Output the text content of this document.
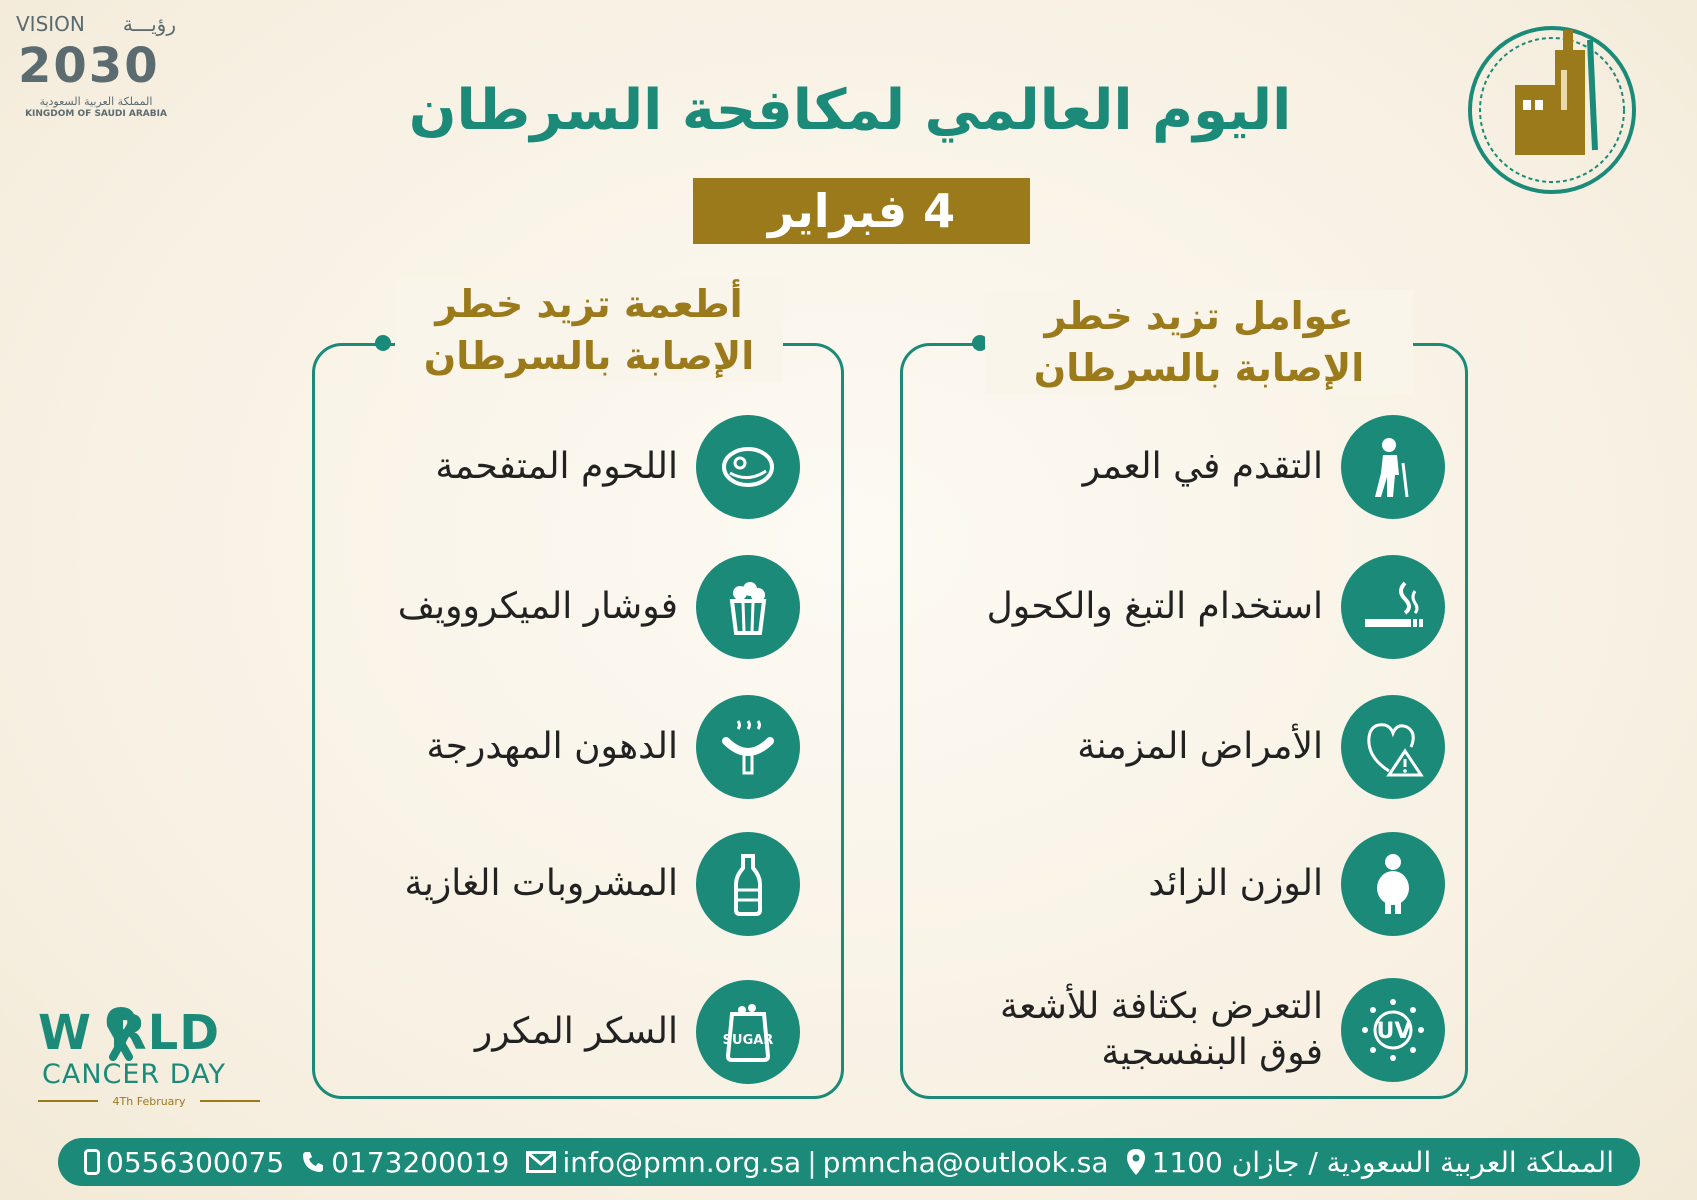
VISION رؤيـــة
2030
المملكة العربية السعودية
KINGDOM OF SAUDI ARABIA	اليوم العالمي لمكافحة السرطان
4 فبراير
أطعمة تزيد خطر الإصابة بالسرطان
اللحوم المتفحمة
فوشار الميكروويف
الدهون المهدرجة
المشروبات الغازية
السكر المكرر	SUGAR
عوامل تزيد خطر الإصابة بالسرطان
التقدم في العمر
استخدام التبغ والكحول
الأمراض المزمنة
الوزن الزائد
التعرض بكثافة للأشعة فوق البنفسجية
UV
W RLD
CANCER DAY
4Th February
0556300075 0173200019 info@pmn.org.sa | pmncha@outlook.sa المملكة العربية السعودية / جازان 1100
